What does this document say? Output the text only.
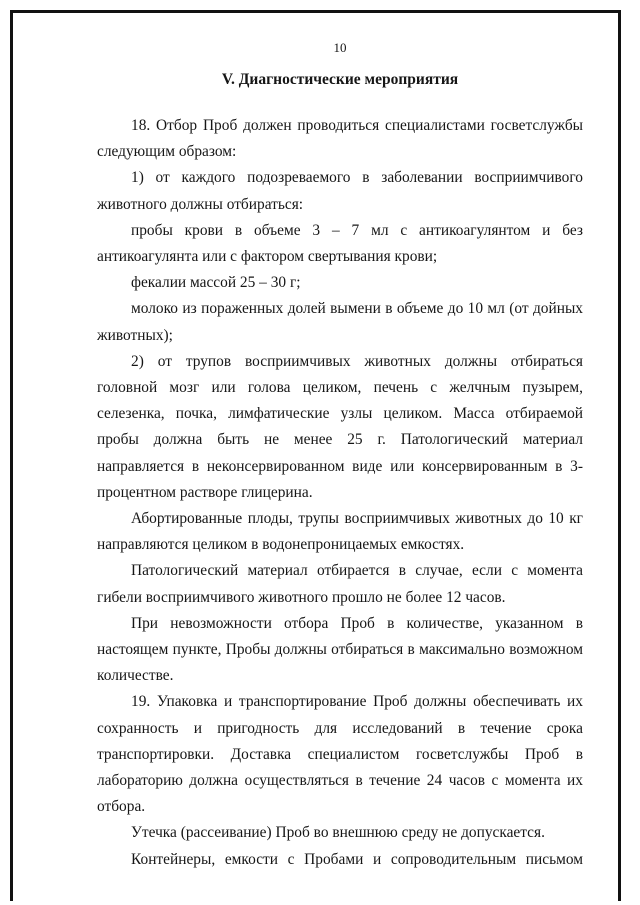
10

V. Диагностические мероприятия

18. Отбор Проб должен проводиться специалистами госветслужбы следующим образом:

1) от каждого подозреваемого в заболевании восприимчивого животного должны отбираться:

пробы крови в объеме 3 – 7 мл с антикоагулянтом и без антикоагулянта или с фактором свертывания крови;

фекалии массой 25 – 30 г;

молоко из пораженных долей вымени в объеме до 10 мл (от дойных животных);

2) от трупов восприимчивых животных должны отбираться головной мозг или голова целиком, печень с желчным пузырем, селезенка, почка, лимфатические узлы целиком. Масса отбираемой пробы должна быть не менее 25 г. Патологический материал направляется в неконсервированном виде или консервированным в 3-процентном растворе глицерина.

Абортированные плоды, трупы восприимчивых животных до 10 кг направляются целиком в водонепроницаемых емкостях.

Патологический материал отбирается в случае, если с момента гибели восприимчивого животного прошло не более 12 часов.

При невозможности отбора Проб в количестве, указанном в настоящем пункте, Пробы должны отбираться в максимально возможном количестве.

19. Упаковка и транспортирование Проб должны обеспечивать их сохранность и пригодность для исследований в течение срока транспортировки. Доставка специалистом госветслужбы Проб в лабораторию должна осуществляться в течение 24 часов с момента их отбора.

Утечка (рассеивание) Проб во внешнюю среду не допускается.

Контейнеры, емкости с Пробами и сопроводительным письмом
